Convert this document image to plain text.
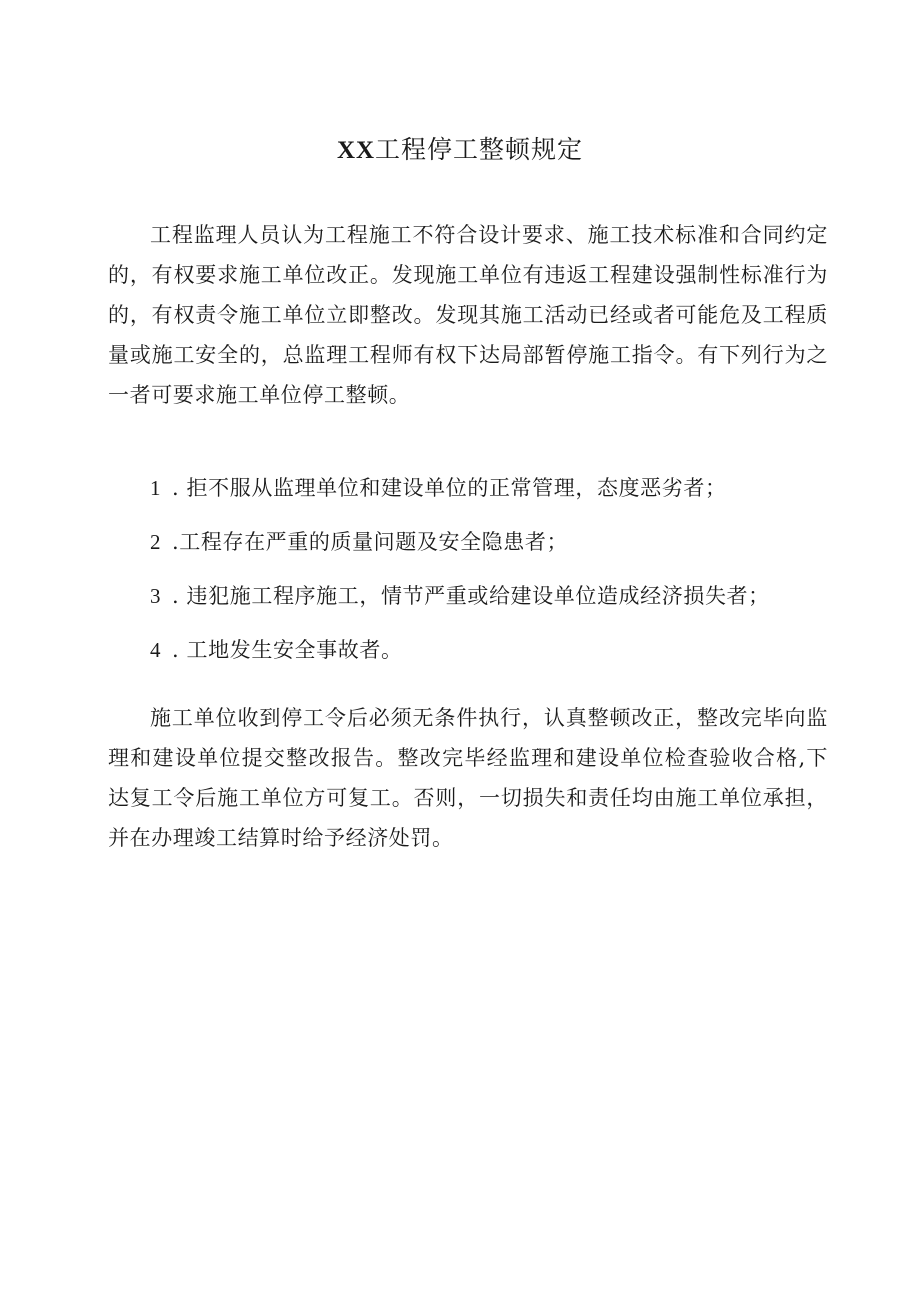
XX工程停工整顿规定

工程监理人员认为工程施工不符合设计要求、施工技术标准和合同约定的，有权要求施工单位改正。发现施工单位有违返工程建设强制性标准行为的，有权责令施工单位立即整改。发现其施工活动已经或者可能危及工程质量或施工安全的，总监理工程师有权下达局部暂停施工指令。有下列行为之一者可要求施工单位停工整顿。

1 . 拒不服从监理单位和建设单位的正常管理，态度恶劣者；

2 .工程存在严重的质量问题及安全隐患者；

3 . 违犯施工程序施工，情节严重或给建设单位造成经济损失者；

4 . 工地发生安全事故者。

施工单位收到停工令后必须无条件执行，认真整顿改正，整改完毕向监理和建设单位提交整改报告。整改完毕经监理和建设单位检查验收合格,下达复工令后施工单位方可复工。否则，一切损失和责任均由施工单位承担，并在办理竣工结算时给予经济处罚。
